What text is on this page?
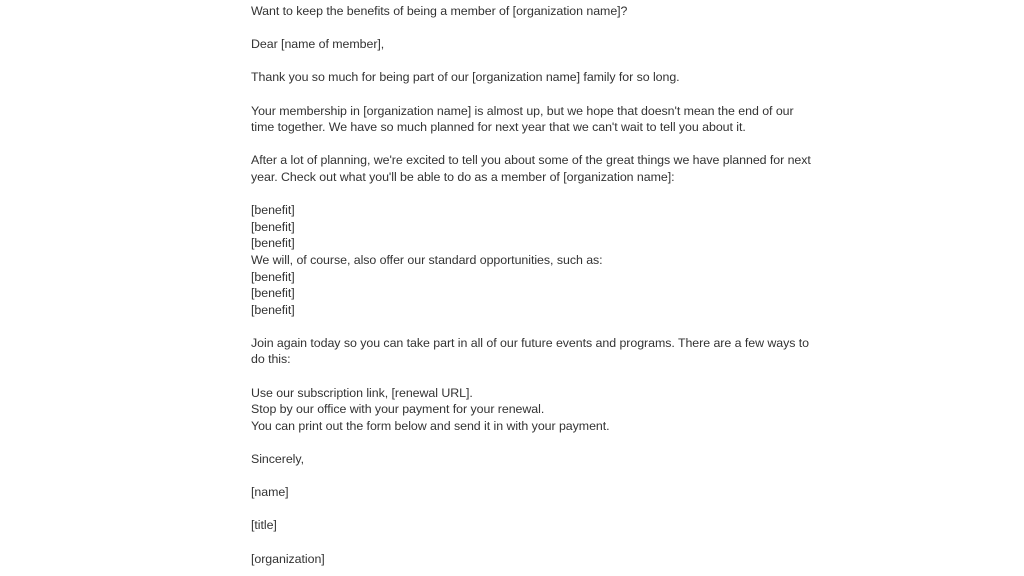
Want to keep the benefits of being a member of [organization name]?

Dear [name of member],

Thank you so much for being part of our [organization name] family for so long.

Your membership in [organization name] is almost up, but we hope that doesn't mean the end of our time together. We have so much planned for next year that we can't wait to tell you about it.

After a lot of planning, we're excited to tell you about some of the great things we have planned for next year. Check out what you'll be able to do as a member of [organization name]:

[benefit]
[benefit]
[benefit]
We will, of course, also offer our standard opportunities, such as:
[benefit]
[benefit]
[benefit]

Join again today so you can take part in all of our future events and programs. There are a few ways to do this:

Use our subscription link, [renewal URL].
Stop by our office with your payment for your renewal.
You can print out the form below and send it in with your payment.

Sincerely,

[name]

[title]

[organization]
